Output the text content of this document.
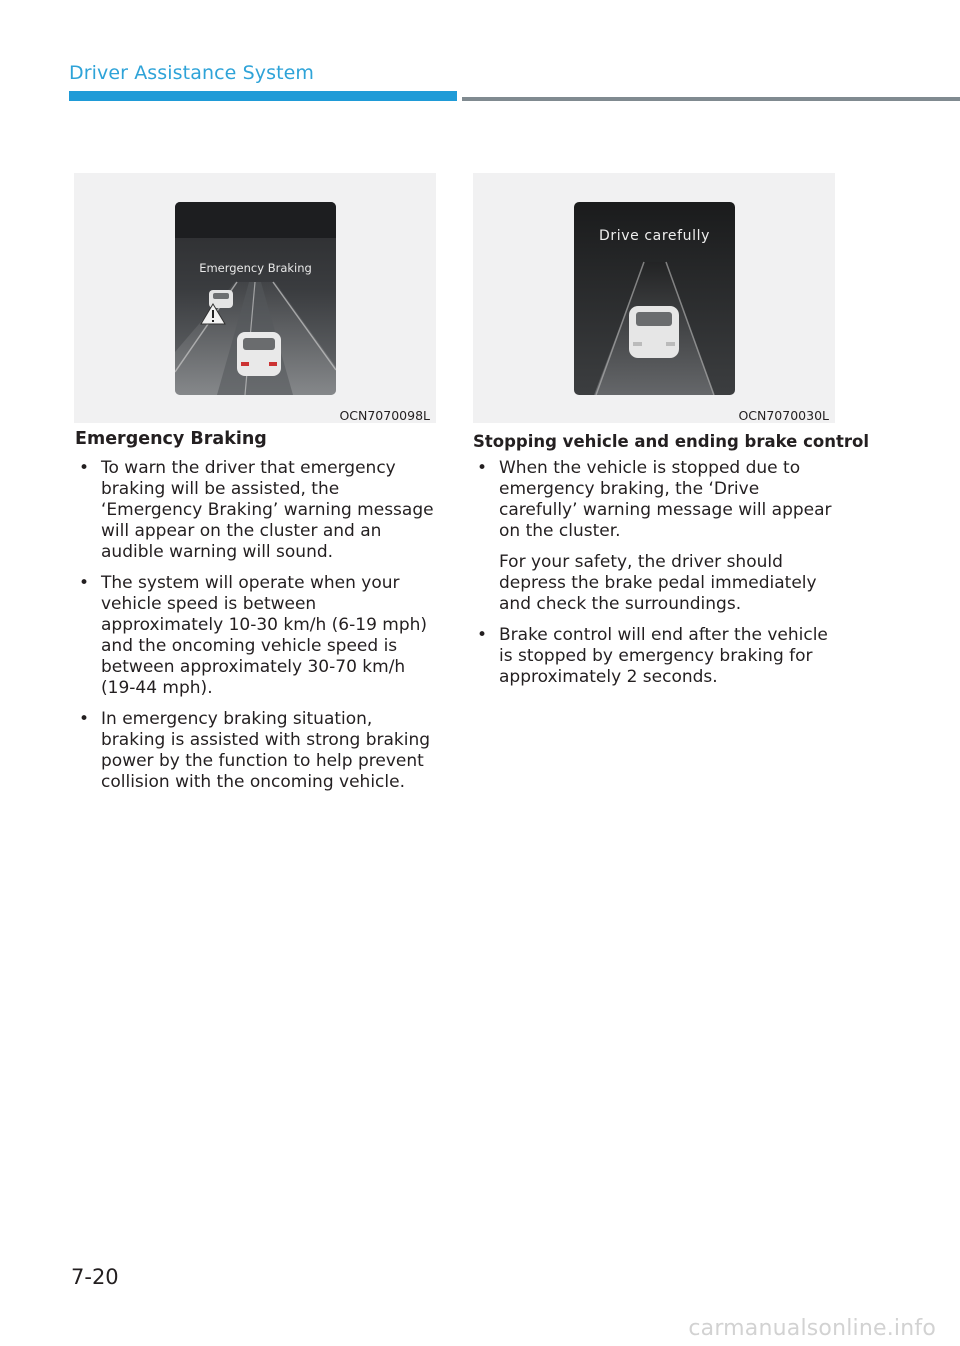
Driver Assistance System
Emergency Braking
OCN7070098L
Drive carefully
OCN7070030L
Emergency Braking
• To warn the driver that emergency braking will be assisted, the ‘Emergency Braking’ warning message will appear on the cluster and an audible warning will sound.

• The system will operate when your vehicle speed is between approximately 10-30 km/h (6-19 mph) and the oncoming vehicle speed is between approximately 30-70 km/h (19-44 mph).

• In emergency braking situation, braking is assisted with strong braking power by the function to help prevent collision with the oncoming vehicle.

Stopping vehicle and ending brake control
• When the vehicle is stopped due to emergency braking, the ‘Drive carefully’ warning message will appear on the cluster.

For your safety, the driver should depress the brake pedal immediately and check the surroundings.

• Brake control will end after the vehicle is stopped by emergency braking for approximately 2 seconds.

7-20
carmanualsonline.info
